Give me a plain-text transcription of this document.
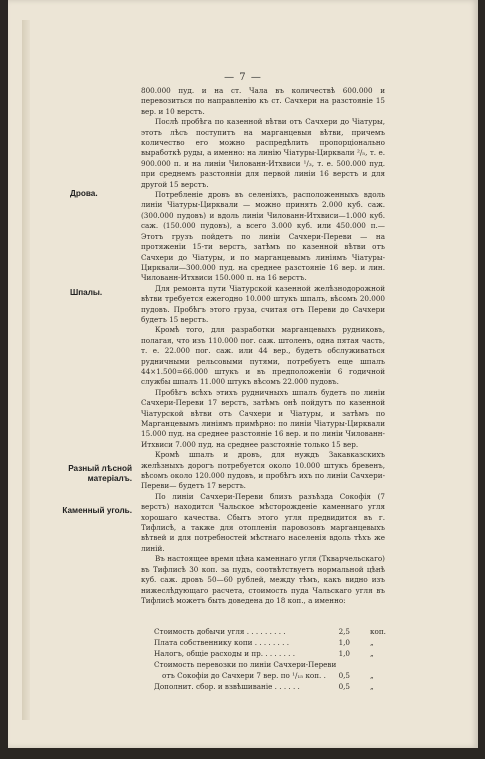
— 7 —

800.000 пуд. и на ст. Чала въ количествѣ 600.000 и перевозиться по направленію къ ст. Сачхери на разстояніе 15 вер. и 10 верстъ.

Послѣ пробѣга по казенной вѣтви отъ Сачхери до Чіатуры, этотъ лѣсъ поступитъ на марганцевыя вѣтви, причемъ количество его можно распредѣлить пропорціонально выработкѣ руды, а именно: на линію Чіатуры-Цирквали ²/₅, т. е. 900.000 п. и на линіи Чилованн-Итхвиси ¹/₃, т. е. 500.000 пуд. при среднемъ разстояніи для первой линіи 16 верстъ и для другой 15 верстъ.

Потребленіе дровъ въ селеніяхъ, расположенныхъ вдоль линіи Чіатуры-Цирквали — можно принять 2.000 куб. саж. (300.000 пудовъ) и вдоль линіи Чилованн-Итхвиси—1.000 куб. саж. (150.000 пудовъ), а всего 3.000 куб. или 450.000 п.— Этотъ грузъ пойдетъ по линіи Сачхери-Переви — на протяженіи 15-ти верстъ, затѣмъ по казенной вѣтви отъ Сачхери до Чіатуры, и по марганцевымъ линіямъ Чіатуры-Цирквали—300.000 пуд. на среднее разстояніе 16 вер. и лин. Чилованн-Итхвиси 150.000 п. на 16 верстъ.

Для ремонта пути Чіатурской казенной желѣзнодорожной вѣтви требуется ежегодно 10.000 штукъ шпалъ, вѣсомъ 20.000 пудовъ. Пробѣгъ этого груза, считая отъ Переви до Сачхери будетъ 15 верстъ.

Кромѣ того, для разработки марганцевыхъ рудниковъ, полагая, что изъ 110.000 пог. саж. штоленъ, одна пятая часть, т. е. 22.000 пог. саж. или 44 вер., будетъ обслуживаться рудничными рельсовыми путями, потребуетъ еще шпалъ 44×1.500=66.000 штукъ и въ предположеніи 6 годичной службы шпалъ 11.000 штукъ вѣсомъ 22.000 пудовъ.

Пробѣгъ всѣхъ этихъ рудничныхъ шпалъ будетъ по линіи Сачхери-Переви 17 верстъ, затѣмъ онѣ пойдутъ по казенной Чіатурской вѣтви отъ Сачхери и Чіатуры, и затѣмъ по Марганцевымъ линіямъ примѣрно: по линіи Чіатуры-Цирквали 15.000 пуд. на среднее разстояніе 16 вер. и по линіи Чилованн-Итхвиси 7.000 пуд. на среднее разстояніе только 15 вер.

Кромѣ шпалъ и дровъ, для нуждъ Закавказскихъ желѣзныхъ дорогъ потребуется около 10.000 штукъ бревенъ, вѣсомъ около 120.000 пудовъ, и пробѣгъ ихъ по линіи Сачхери-Переви— будетъ 17 верстъ.

По линіи Сачхери-Переви близъ разъѣзда Сокофія (7 верстъ) находится Чальское мѣсторожденіе каменнаго угля хорошаго качества. Сбытъ этого угля предвидится въ г. Тифлисѣ, а также для отопленія паровозовъ марганцевыхъ вѣтвей и для потребностей мѣстнаго населенія вдоль тѣхъ же линій.

Въ настоящее время цѣна каменнаго угля (Ткварчельскаго) въ Тифлисѣ 30 коп. за пудъ, соотвѣтствуетъ нормальной цѣнѣ куб. саж. дровъ 50—60 рублей, между тѣмъ, какъ видно изъ нижеслѣдующаго расчета, стоимость пуда Чальскаго угля въ Тифлисѣ можетъ быть доведена до 18 коп., а именно:

Дрова.
Шпалы.
Разный лѣсной матеріалъ.
Каменный уголь.
Стоимость добычи угля . . . . . . . . .	2,5	коп.
Плата собственнику копи . . . . . . . .	1,0	„
Налогъ, общіе расходы и пр. . . . . . . .	1,0	„
Стоимость перевозки по линіи Сачхери-Переви
отъ Сокофіи до Сачхери 7 вер. по ¹/₁₅ коп. . 0,5	„
Дополнит. сбор. и взвѣшиваніе . . . . . .	0,5	„
